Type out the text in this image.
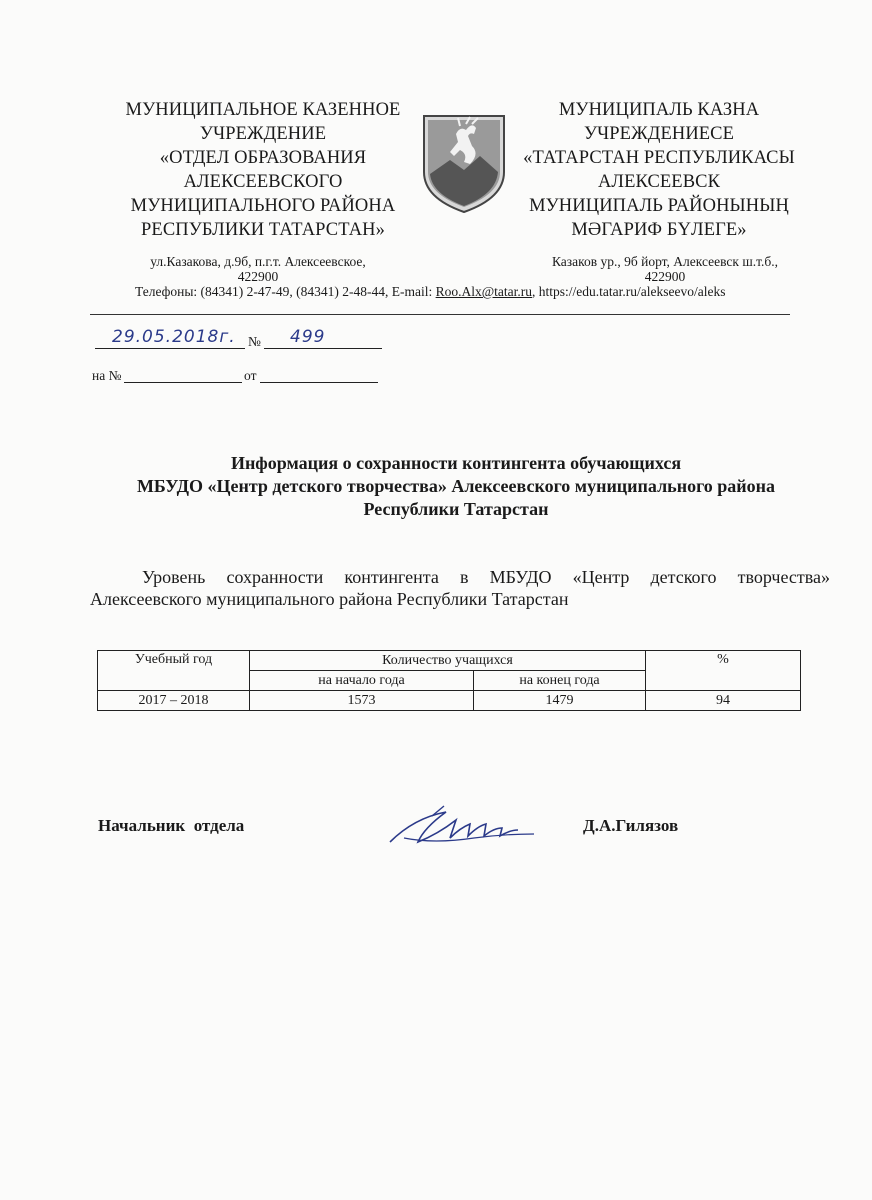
МУНИЦИПАЛЬНОЕ КАЗЕННОЕ
УЧРЕЖДЕНИЕ
«ОТДЕЛ ОБРАЗОВАНИЯ
АЛЕКСЕЕВСКОГО
МУНИЦИПАЛЬНОГО РАЙОНА
РЕСПУБЛИКИ ТАТАРСТАН»
МУНИЦИПАЛЬ КАЗНА
УЧРЕЖДЕНИЕСЕ
«ТАТАРСТАН РЕСПУБЛИКАСЫ
АЛЕКСЕЕВСК
МУНИЦИПАЛЬ РАЙОНЫНЫҢ
МӘГАРИФ БҮЛЕГЕ»
ул.Казакова, д.9б, п.г.т. Алексеевское,
422900
Казаков ур., 9б йорт, Алексеевск ш.т.б.,
422900
Телефоны: (84341) 2-47-49, (84341) 2-48-44, E-mail: Roo.Alx@tatar.ru, https://edu.tatar.ru/alekseevo/aleks
29.05.2018г. № 499
на №	от
Информация о сохранности контингента обучающихся
МБУДО «Центр детского творчества» Алексеевского муниципального района
Республики Татарстан
Уровень сохранности контингента в МБУДО «Центр детского творчества»
Алексеевского муниципального района Республики Татарстан
Учебный год	Количество учащихся		%
	на начало года	на конец года	
2017 – 2018	1573	1479	94
Начальник  отдела	Д.А.Гилязов
